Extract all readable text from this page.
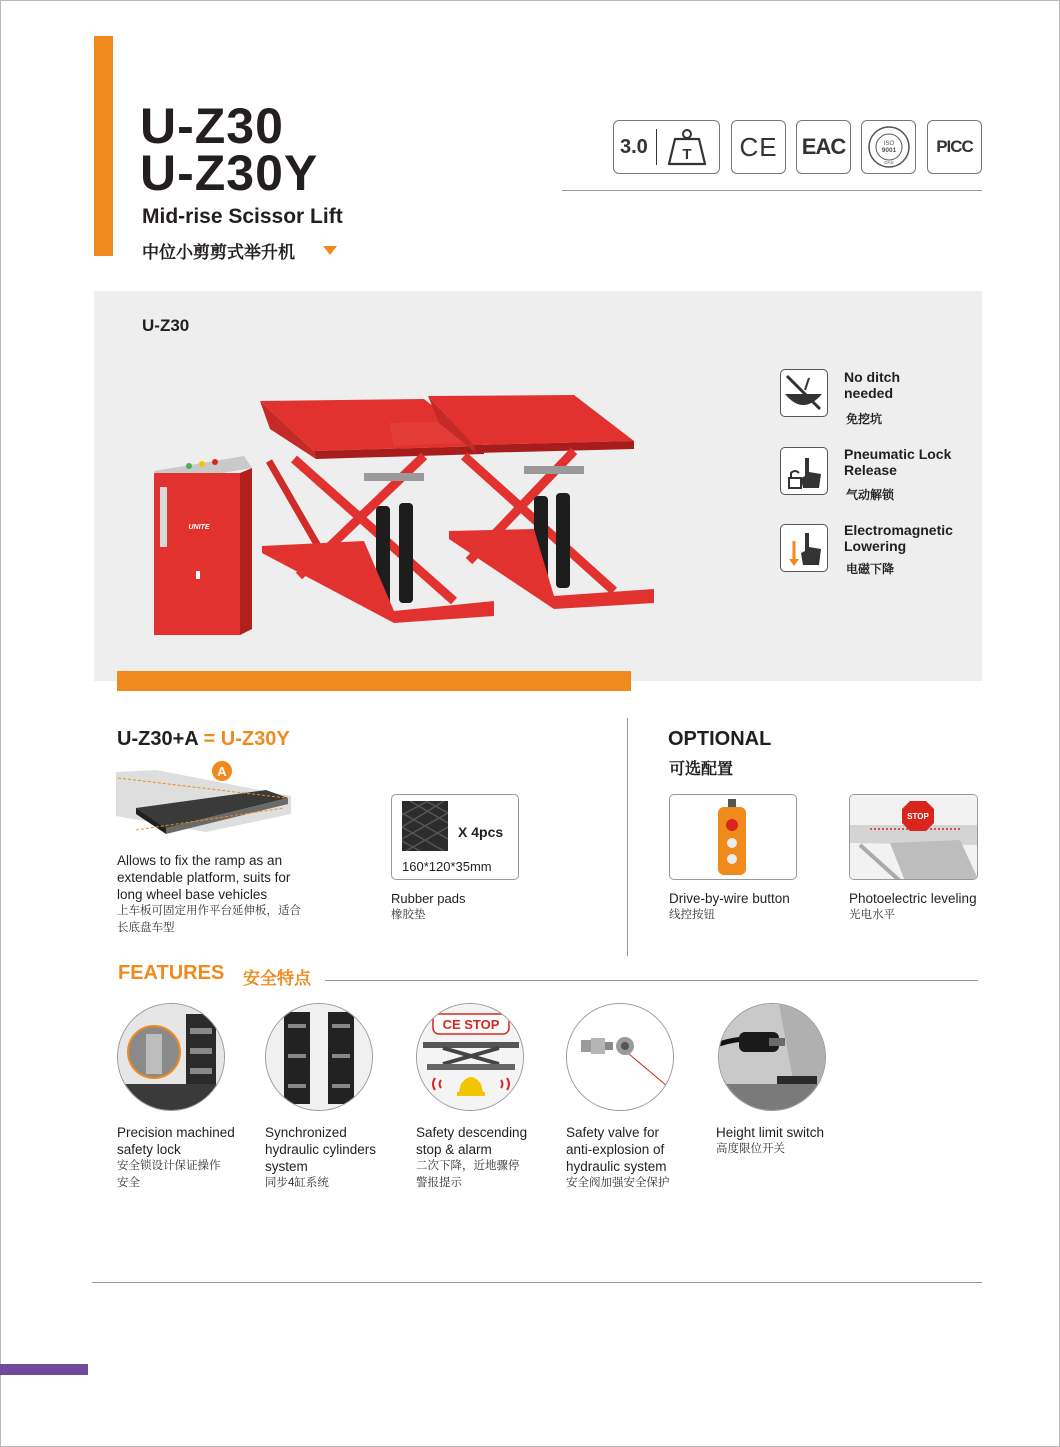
U-Z30
U-Z30Y
Mid-rise Scissor Lift
中位小剪剪式举升机
3.0 T CE EAC	ISO
9001
DAS
PICC
U-Z30
UNITE
No ditch
needed
免挖坑
Pneumatic Lock
Release
气动解锁
Electromagnetic
Lowering
电磁下降
U-Z30+A = U-Z30Y
A
Allows to fix the ramp as an
extendable platform, suits for
long wheel base vehicles
上车板可固定用作平台延伸板，适合
长底盘车型
X 4pcs
160*120*35mm
Rubber pads
橡胶垫
OPTIONAL
可选配置
Drive-by-wire button
线控按钮
STOP
Photoelectric leveling
光电水平
FEATURES 安全特点
CE STOP
Precision machined
safety lock
安全锁设计保证操作
安全
Synchronized
hydraulic cylinders
system
同步4缸系统
Safety descending
stop & alarm
二次下降，近地骤停
警报提示
Safety valve for
anti-explosion of
hydraulic system
安全阀加强安全保护
Height limit switch
高度限位开关
